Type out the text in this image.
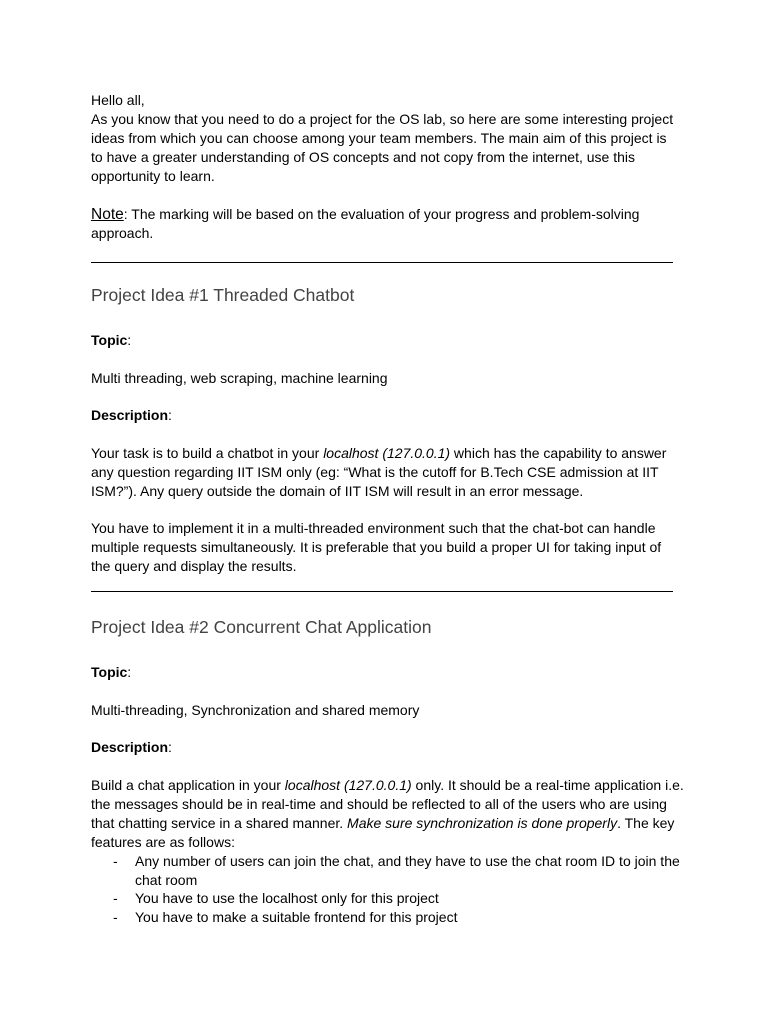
Hello all,
As you know that you need to do a project for the OS lab, so here are some interesting project ideas from which you can choose among your team members. The main aim of this project is to have a greater understanding of OS concepts and not copy from the internet, use this opportunity to learn.
Note: The marking will be based on the evaluation of your progress and problem-solving approach.
Project Idea #1 Threaded Chatbot
Topic:
Multi threading, web scraping, machine learning
Description:
Your task is to build a chatbot in your localhost (127.0.0.1) which has the capability to answer any question regarding IIT ISM only (eg: “What is the cutoff for B.Tech CSE admission at IIT ISM?”). Any query outside the domain of IIT ISM will result in an error message.
You have to implement it in a multi-threaded environment such that the chat-bot can handle multiple requests simultaneously. It is preferable that you build a proper UI for taking input of the query and display the results.
Project Idea #2 Concurrent Chat Application
Topic:
Multi-threading, Synchronization and shared memory
Description:
Build a chat application in your localhost (127.0.0.1) only. It should be a real-time application i.e. the messages should be in real-time and should be reflected to all of the users who are using that chatting service in a shared manner. Make sure synchronization is done properly. The key features are as follows:
- Any number of users can join the chat, and they have to use the chat room ID to join the chat room
- You have to use the localhost only for this project
- You have to make a suitable frontend for this project
